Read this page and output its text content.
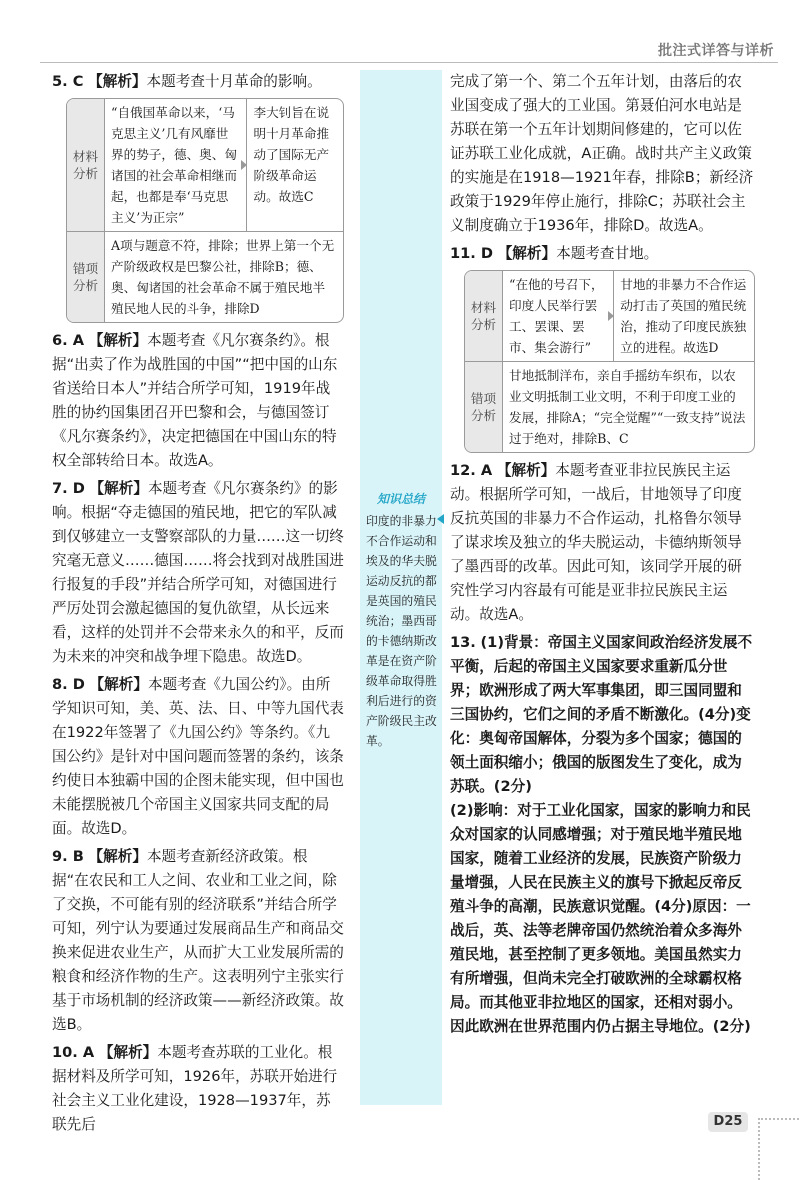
批注式详答与详析
5. C 【解析】本题考查十月革命的影响。
材料
分析
“自俄国革命以来，‘马克思主义’几有风靡世界的势子，德、奥、匈诸国的社会革命相继而起，也都是奉‘马克思主义’为正宗”
李大钊旨在说明十月革命推动了国际无产阶级革命运动。故选C
错项
分析
A项与题意不符，排除；世界上第一个无产阶级政权是巴黎公社，排除B；德、奥、匈诸国的社会革命不属于殖民地半殖民地人民的斗争，排除D
6. A 【解析】本题考查《凡尔赛条约》。根据“出卖了作为战胜国的中国”“把中国的山东省送给日本人”并结合所学可知，1919年战胜的协约国集团召开巴黎和会，与德国签订《凡尔赛条约》，决定把德国在中国山东的特权全部转给日本。故选A。
7. D 【解析】本题考查《凡尔赛条约》的影响。根据“夺走德国的殖民地，把它的军队减到仅够建立一支警察部队的力量……这一切终究毫无意义……德国……将会找到对战胜国进行报复的手段”并结合所学可知，对德国进行严厉处罚会激起德国的复仇欲望，从长远来看，这样的处罚并不会带来永久的和平，反而为未来的冲突和战争埋下隐患。故选D。
8. D 【解析】本题考查《九国公约》。由所学知识可知，美、英、法、日、中等九国代表在1922年签署了《九国公约》等条约。《九国公约》是针对中国问题而签署的条约，该条约使日本独霸中国的企图未能实现，但中国也未能摆脱被几个帝国主义国家共同支配的局面。故选D。
9. B 【解析】本题考查新经济政策。根据“在农民和工人之间、农业和工业之间，除了交换，不可能有别的经济联系”并结合所学可知，列宁认为要通过发展商品生产和商品交换来促进农业生产，从而扩大工业发展所需的粮食和经济作物的生产。这表明列宁主张实行基于市场机制的经济政策——新经济政策。故选B。
10. A 【解析】本题考查苏联的工业化。根据材料及所学可知，1926年，苏联开始进行社会主义工业化建设，1928—1937年，苏联先后
知识总结
印度的非暴力不合作运动和埃及的华夫脱运动反抗的都是英国的殖民统治；墨西哥的卡德纳斯改革是在资产阶级革命取得胜利后进行的资产阶级民主改革。
完成了第一个、第二个五年计划，由落后的农业国变成了强大的工业国。第聂伯河水电站是苏联在第一个五年计划期间修建的，它可以佐证苏联工业化成就，A正确。战时共产主义政策的实施是在1918—1921年春，排除B；新经济政策于1929年停止施行，排除C；苏联社会主义制度确立于1936年，排除D。故选A。
11. D 【解析】本题考查甘地。
材料
分析
“在他的号召下，印度人民举行罢工、罢课、罢市、集会游行”
甘地的非暴力不合作运动打击了英国的殖民统治，推动了印度民族独立的进程。故选D
错项
分析
甘地抵制洋布，亲自手摇纺车织布，以农业文明抵制工业文明，不利于印度工业的发展，排除A；“完全觉醒”“一致支持”说法过于绝对，排除B、C
12. A 【解析】本题考查亚非拉民族民主运动。根据所学可知，一战后，甘地领导了印度反抗英国的非暴力不合作运动，扎格鲁尔领导了谋求埃及独立的华夫脱运动，卡德纳斯领导了墨西哥的改革。因此可知，该同学开展的研究性学习内容最有可能是亚非拉民族民主运动。故选A。
13. (1)背景：帝国主义国家间政治经济发展不平衡，后起的帝国主义国家要求重新瓜分世界；欧洲形成了两大军事集团，即三国同盟和三国协约，它们之间的矛盾不断激化。(4分)变化：奥匈帝国解体，分裂为多个国家；德国的领土面积缩小；俄国的版图发生了变化，成为苏联。(2分)
(2)影响：对于工业化国家，国家的影响力和民众对国家的认同感增强；对于殖民地半殖民地国家，随着工业经济的发展，民族资产阶级力量增强，人民在民族主义的旗号下掀起反帝反殖斗争的高潮，民族意识觉醒。(4分)原因：一战后，英、法等老牌帝国仍然统治着众多海外殖民地，甚至控制了更多领地。美国虽然实力有所增强，但尚未完全打破欧洲的全球霸权格局。而其他亚非拉地区的国家，还相对弱小。因此欧洲在世界范围内仍占据主导地位。(2分)
D25
